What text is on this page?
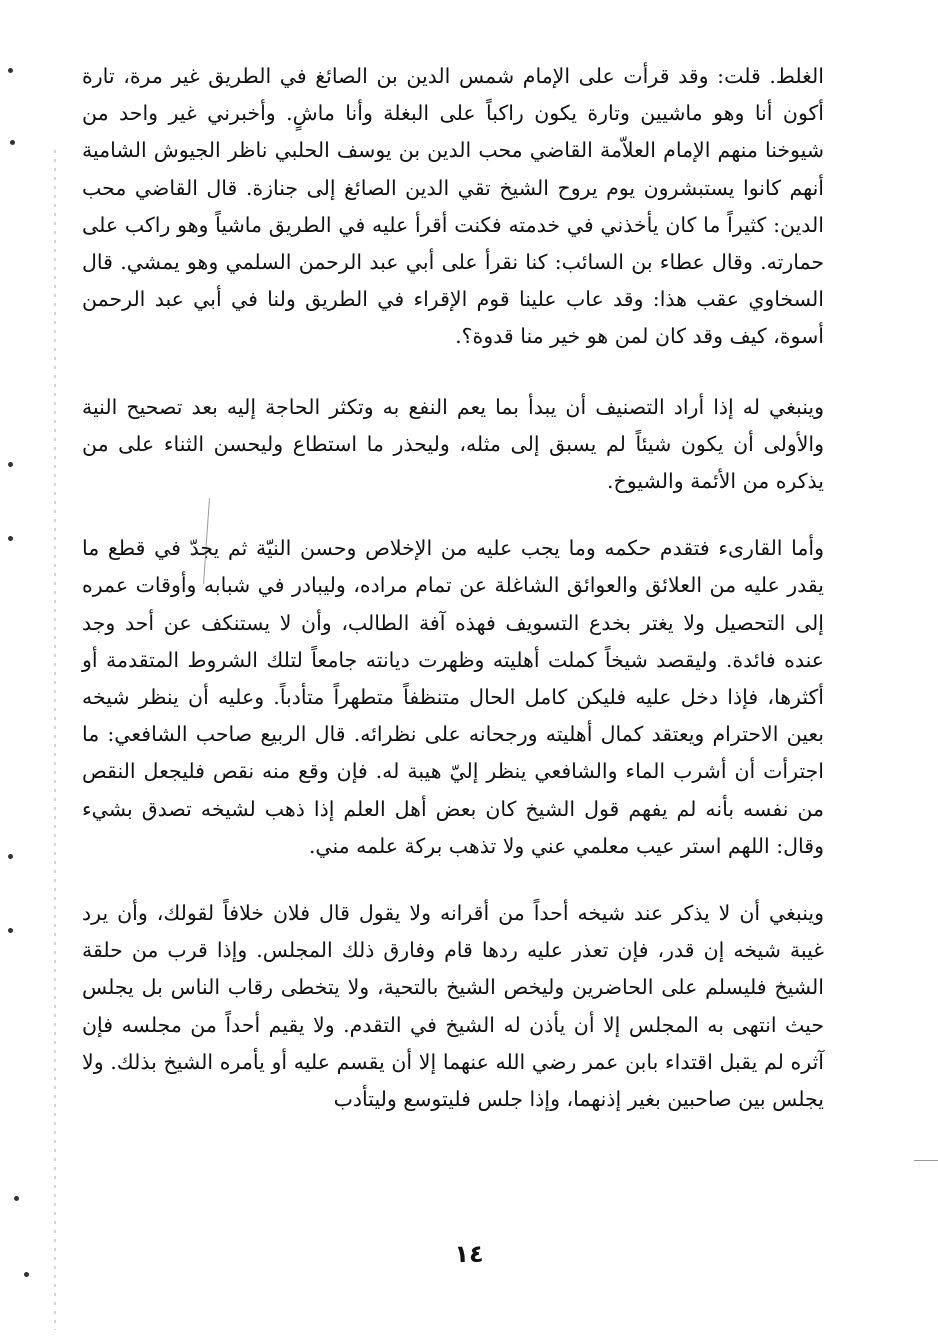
الغلط. قلت: وقد قرأت على الإمام شمس الدين بن الصائغ في الطريق غير مرة، تارة أكون أنا وهو ماشيين وتارة يكون راكباً على البغلة وأنا ماشٍ. وأخبرني غير واحد من شيوخنا منهم الإمام العلاّمة القاضي محب الدين بن يوسف الحلبي ناظر الجيوش الشامية أنهم كانوا يستبشرون يوم يروح الشيخ تقي الدين الصائغ إلى جنازة. قال القاضي محب الدين: كثيراً ما كان يأخذني في خدمته فكنت أقرأ عليه في الطريق ماشياً وهو راكب على حمارته. وقال عطاء بن السائب: كنا نقرأ على أبي عبد الرحمن السلمي وهو يمشي. قال السخاوي عقب هذا: وقد عاب علينا قوم الإقراء في الطريق ولنا في أبي عبد الرحمن أسوة، كيف وقد كان لمن هو خير منا قدوة؟.

وينبغي له إذا أراد التصنيف أن يبدأ بما يعم النفع به وتكثر الحاجة إليه بعد تصحيح النية والأولى أن يكون شيئاً لم يسبق إلى مثله، وليحذر ما استطاع وليحسن الثناء على من يذكره من الأئمة والشيوخ.

وأما القارىء فتقدم حكمه وما يجب عليه من الإخلاص وحسن النيّة ثم يجدّ في قطع ما يقدر عليه من العلائق والعوائق الشاغلة عن تمام مراده، وليبادر في شبابه وأوقات عمره إلى التحصيل ولا يغتر بخدع التسويف فهذه آفة الطالب، وأن لا يستنكف عن أحد وجد عنده فائدة. وليقصد شيخاً كملت أهليته وظهرت ديانته جامعاً لتلك الشروط المتقدمة أو أكثرها، فإذا دخل عليه فليكن كامل الحال متنظفاً متطهراً متأدباً. وعليه أن ينظر شيخه بعين الاحترام ويعتقد كمال أهليته ورجحانه على نظرائه. قال الربيع صاحب الشافعي: ما اجترأت أن أشرب الماء والشافعي ينظر إليّ هيبة له. فإن وقع منه نقص فليجعل النقص من نفسه بأنه لم يفهم قول الشيخ كان بعض أهل العلم إذا ذهب لشيخه تصدق بشيء وقال: اللهم استر عيب معلمي عني ولا تذهب بركة علمه مني.

وينبغي أن لا يذكر عند شيخه أحداً من أقرانه ولا يقول قال فلان خلافاً لقولك، وأن يرد غيبة شيخه إن قدر، فإن تعذر عليه ردها قام وفارق ذلك المجلس. وإذا قرب من حلقة الشيخ فليسلم على الحاضرين وليخص الشيخ بالتحية، ولا يتخطى رقاب الناس بل يجلس حيث انتهى به المجلس إلا أن يأذن له الشيخ في التقدم. ولا يقيم أحداً من مجلسه فإن آثره لم يقبل اقتداء بابن عمر رضي الله عنهما إلا أن يقسم عليه أو يأمره الشيخ بذلك. ولا يجلس بين صاحبين بغير إذنهما، وإذا جلس فليتوسع وليتأدب

١٤
